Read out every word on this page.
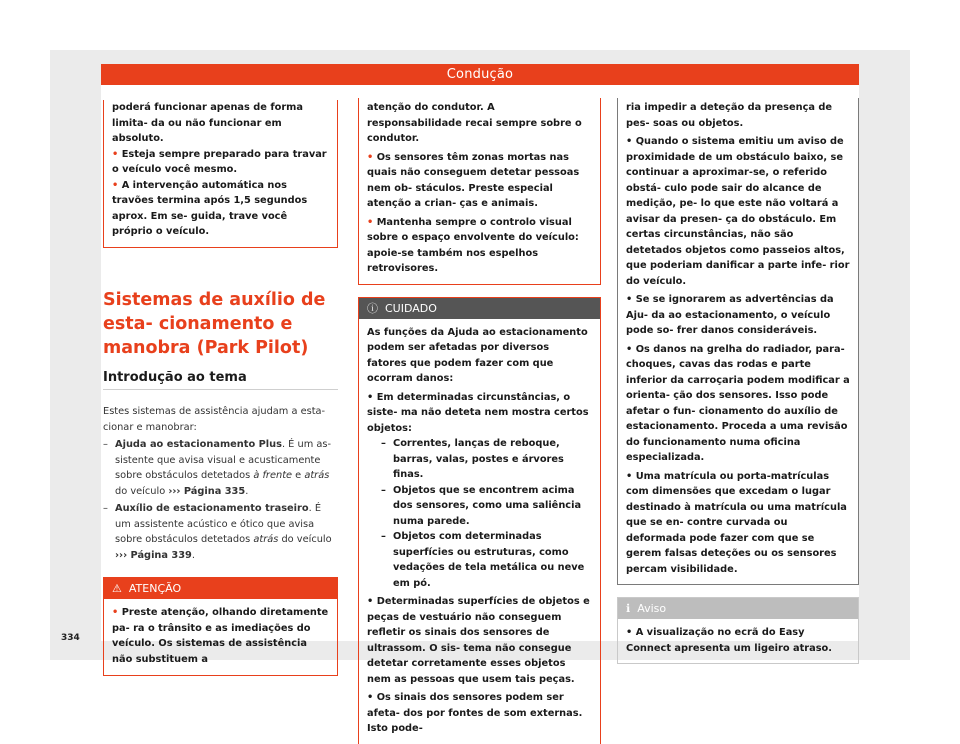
Condução
poderá funcionar apenas de forma limita- da ou não funcionar em absoluto.
• Esteja sempre preparado para travar o veículo você mesmo.
• A intervenção automática nos travões termina após 1,5 segundos aprox. Em se- guida, trave você próprio o veículo.
Sistemas de auxílio de esta- cionamento e manobra (Park Pilot)
Introdução ao tema
Estes sistemas de assistência ajudam a esta- cionar e manobrar:
– Ajuda ao estacionamento Plus. É um as- sistente que avisa visual e acusticamente sobre obstáculos detetados à frente e atrás do veículo ››› Página 335.
– Auxílio de estacionamento traseiro. É um assistente acústico e ótico que avisa sobre obstáculos detetados atrás do veículo ››› Página 339.
⚠ ATENÇÃO
• Preste atenção, olhando diretamente pa- ra o trânsito e as imediações do veículo. Os sistemas de assistência não substituem a
atenção do condutor. A responsabilidade recai sempre sobre o condutor.
• Os sensores têm zonas mortas nas quais não conseguem detetar pessoas nem ob- stáculos. Preste especial atenção a crian- ças e animais.
• Mantenha sempre o controlo visual sobre o espaço envolvente do veículo: apoie-se também nos espelhos retrovisores.
ⓘ CUIDADO
As funções da Ajuda ao estacionamento podem ser afetadas por diversos fatores que podem fazer com que ocorram danos:
• Em determinadas circunstâncias, o siste- ma não deteta nem mostra certos objetos:
– Correntes, lanças de reboque, barras, valas, postes e árvores finas.
– Objetos que se encontrem acima dos sensores, como uma saliência numa parede.
– Objetos com determinadas superfícies ou estruturas, como vedações de tela metálica ou neve em pó.
• Determinadas superfícies de objetos e peças de vestuário não conseguem refletir os sinais dos sensores de ultrassom. O sis- tema não consegue detetar corretamente esses objetos nem as pessoas que usem tais peças.
• Os sinais dos sensores podem ser afeta- dos por fontes de som externas. Isto pode-
ria impedir a deteção da presença de pes- soas ou objetos.
• Quando o sistema emitiu um aviso de proximidade de um obstáculo baixo, se continuar a aproximar-se, o referido obstá- culo pode sair do alcance de medição, pe- lo que este não voltará a avisar da presen- ça do obstáculo. Em certas circunstâncias, não são detetados objetos como passeios altos, que poderiam danificar a parte infe- rior do veículo.
• Se se ignorarem as advertências da Aju- da ao estacionamento, o veículo pode so- frer danos consideráveis.
• Os danos na grelha do radiador, para- choques, cavas das rodas e parte inferior da carroçaria podem modificar a orienta- ção dos sensores. Isso pode afetar o fun- cionamento do auxílio de estacionamento. Proceda a uma revisão do funcionamento numa oficina especializada.
• Uma matrícula ou porta-matrículas com dimensões que excedam o lugar destinado à matrícula ou uma matrícula que se en- contre curvada ou deformada pode fazer com que se gerem falsas deteções ou os sensores percam visibilidade.
ℹ Aviso
• A visualização no ecrã do Easy Connect apresenta um ligeiro atraso.
334
